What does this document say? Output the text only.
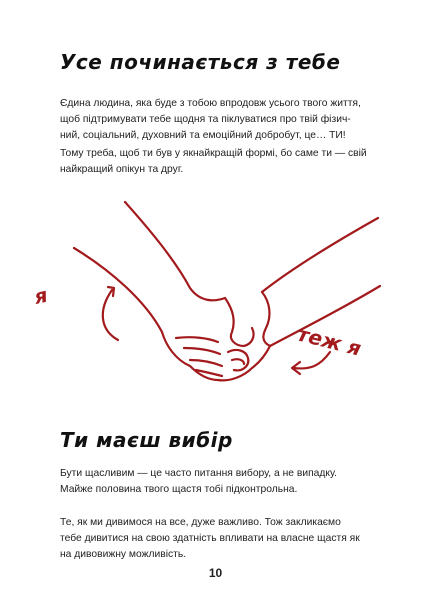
Усе починається з тебе
Єдина людина, яка буде з тобою впродовж усього твого життя,
щоб підтримувати тебе щодня та піклуватися про твій фізич-
ний, соціальний, духовний та емоційний добробут, це… ТИ!
Тому треба, щоб ти був у якнайкращій формі, бо саме ти — свій
найкращий опікун та друг.
я
теж я
Ти маєш вибір
Бути щасливим — це часто питання вибору, а не випадку.
Майже половина твого щастя тобі підконтрольна.
Те, як ми дивимося на все, дуже важливо. Тож закликаємо
тебе дивитися на свою здатність впливати на власне щастя як
на дивовижну можливість.
10
